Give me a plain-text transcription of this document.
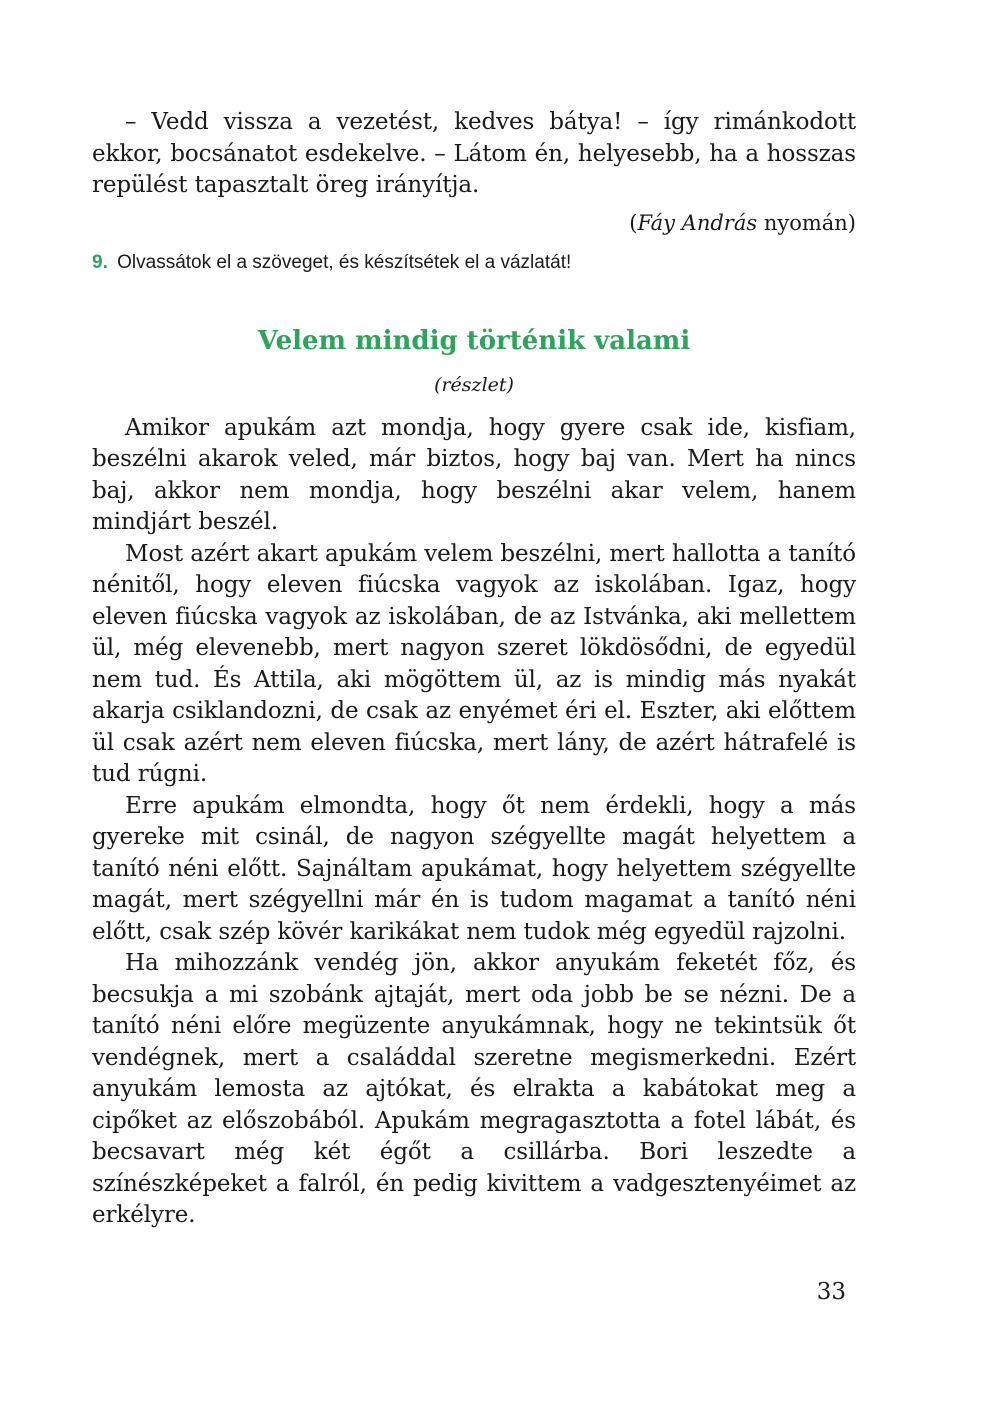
– Vedd vissza a vezetést, kedves bátya! – így rimánkodott ekkor, bocsánatot esdekelve. – Látom én, helyesebb, ha a hosszas repülést tapasztalt öreg irányítja.

(Fáy András nyomán)
9. Olvassátok el a szöveget, és készítsétek el a vázlatát!
Velem mindig történik valami
(részlet)

Amikor apukám azt mondja, hogy gyere csak ide, kisfiam, beszélni akarok veled, már biztos, hogy baj van. Mert ha nincs baj, akkor nem mondja, hogy beszélni akar velem, hanem mindjárt beszél.

Most azért akart apukám velem beszélni, mert hallotta a tanító nénitől, hogy eleven fiúcska vagyok az iskolában. Igaz, hogy eleven fiúcska vagyok az iskolában, de az Istvánka, aki mellettem ül, még elevenebb, mert nagyon szeret lökdösődni, de egyedül nem tud. És Attila, aki mögöttem ül, az is mindig más nyakát akarja csiklandozni, de csak az enyémet éri el. Eszter, aki előttem ül csak azért nem eleven fiúcska, mert lány, de azért hátrafelé is tud rúgni.

Erre apukám elmondta, hogy őt nem érdekli, hogy a más gyereke mit csinál, de nagyon szégyellte magát helyettem a tanító néni előtt. Sajnáltam apukámat, hogy helyettem szégyellte magát, mert szégyellni már én is tudom magamat a tanító néni előtt, csak szép kövér karikákat nem tudok még egyedül rajzolni.

Ha mihozzánk vendég jön, akkor anyukám feketét főz, és becsukja a mi szobánk ajtaját, mert oda jobb be se nézni. De a tanító néni előre megüzente anyukámnak, hogy ne tekintsük őt vendégnek, mert a családdal szeretne megismerkedni. Ezért anyukám lemosta az ajtókat, és elrakta a kabátokat meg a cipőket az előszobából. Apukám megragasztotta a fotel lábát, és becsavart még két égőt a csillárba. Bori leszedte a színészképeket a falról, én pedig kivittem a vadgesztenyéimet az erkélyre.

33
